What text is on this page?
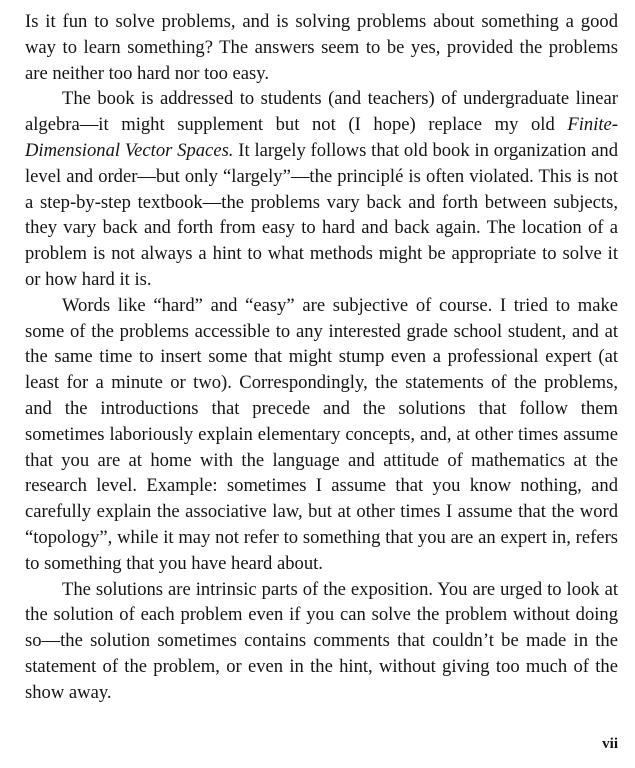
Is it fun to solve problems, and is solving problems about something a good way to learn something? The answers seem to be yes, provided the problems are neither too hard nor too easy.

The book is addressed to students (and teachers) of undergraduate linear algebra—it might supplement but not (I hope) replace my old Finite-Dimensional Vector Spaces. It largely follows that old book in organization and level and order—but only “largely”—the principlé is often violated. This is not a step-by-step textbook—the problems vary back and forth between subjects, they vary back and forth from easy to hard and back again. The location of a problem is not always a hint to what methods might be appropriate to solve it or how hard it is.

Words like “hard” and “easy” are subjective of course. I tried to make some of the problems accessible to any interested grade school student, and at the same time to insert some that might stump even a professional expert (at least for a minute or two). Correspondingly, the statements of the problems, and the introductions that precede and the solutions that follow them sometimes laboriously explain elementary concepts, and, at other times assume that you are at home with the language and attitude of mathematics at the research level. Example: sometimes I assume that you know nothing, and carefully explain the associative law, but at other times I assume that the word “topology”, while it may not refer to something that you are an expert in, refers to something that you have heard about.

The solutions are intrinsic parts of the exposition. You are urged to look at the solution of each problem even if you can solve the problem without doing so—the solution sometimes contains comments that couldn’t be made in the statement of the problem, or even in the hint, without giving too much of the show away.

vii
